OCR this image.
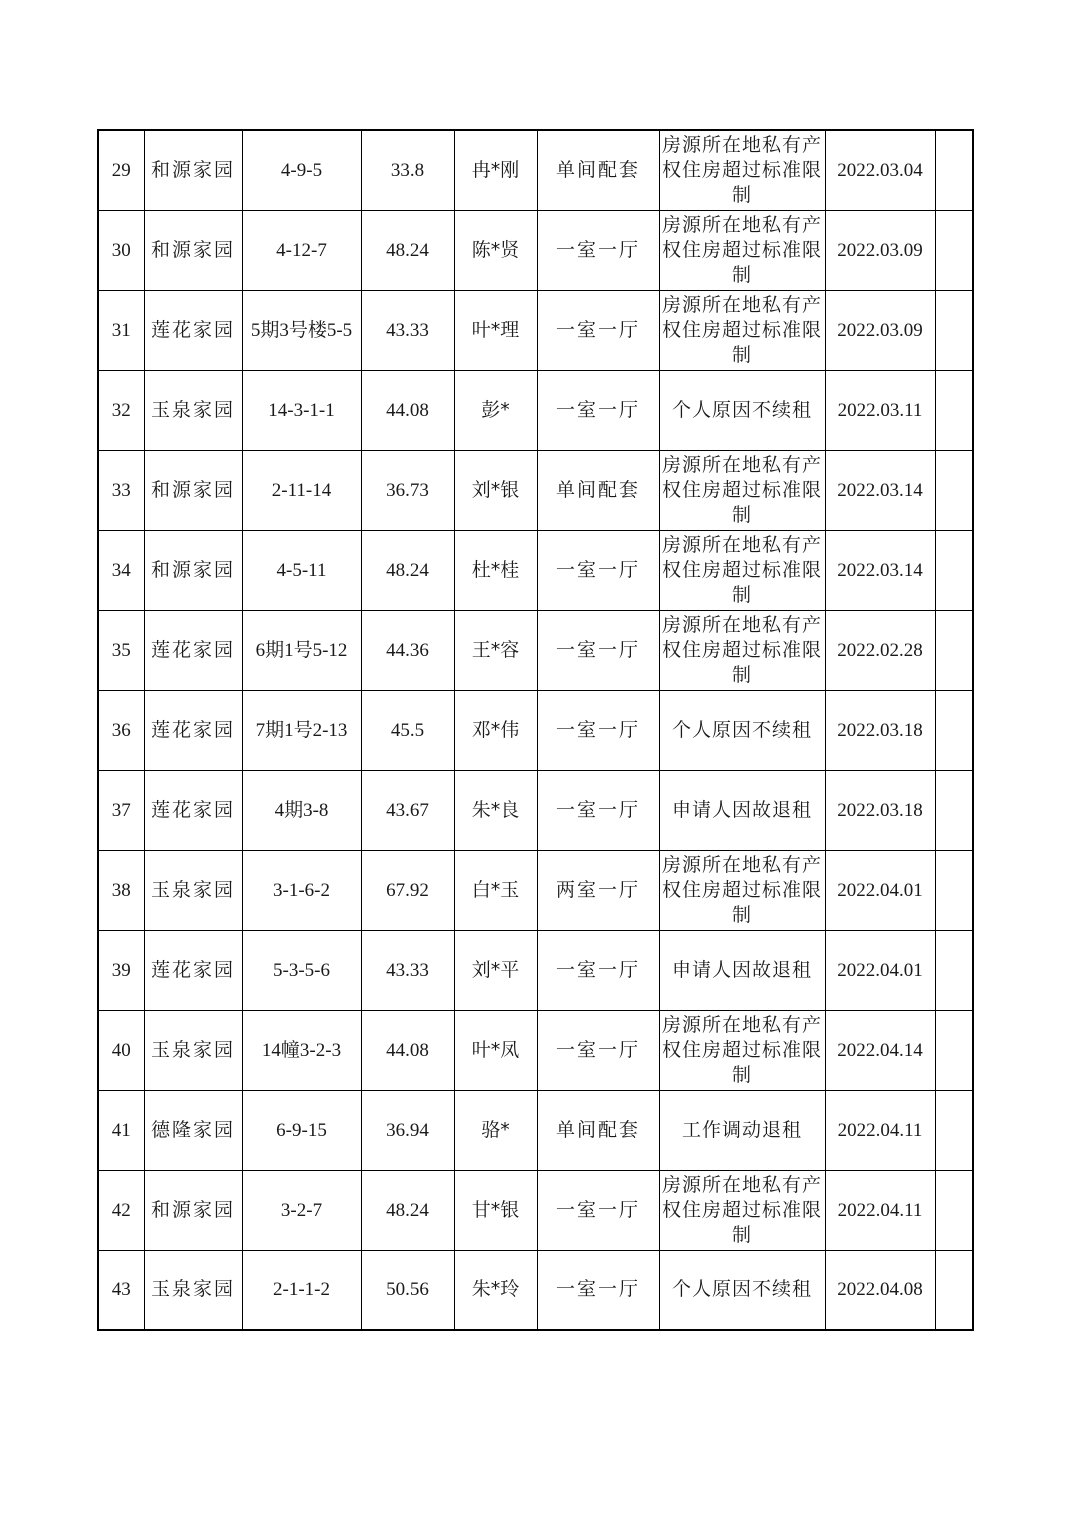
29	和源家园	4-9-5	33.8	冉*刚	单间配套	房源所在地私有产权住房超过标准限制	2022.03.04	
30	和源家园	4-12-7	48.24	陈*贤	一室一厅	房源所在地私有产权住房超过标准限制	2022.03.09	
31	莲花家园	5期3号楼5-5	43.33	叶*理	一室一厅	房源所在地私有产权住房超过标准限制	2022.03.09	
32	玉泉家园	14-3-1-1	44.08	彭*	一室一厅	个人原因不续租	2022.03.11	
33	和源家园	2-11-14	36.73	刘*银	单间配套	房源所在地私有产权住房超过标准限制	2022.03.14	
34	和源家园	4-5-11	48.24	杜*桂	一室一厅	房源所在地私有产权住房超过标准限制	2022.03.14	
35	莲花家园	6期1号5-12	44.36	王*容	一室一厅	房源所在地私有产权住房超过标准限制	2022.02.28	
36	莲花家园	7期1号2-13	45.5	邓*伟	一室一厅	个人原因不续租	2022.03.18	
37	莲花家园	4期3-8	43.67	朱*良	一室一厅	申请人因故退租	2022.03.18	
38	玉泉家园	3-1-6-2	67.92	白*玉	两室一厅	房源所在地私有产权住房超过标准限制	2022.04.01	
39	莲花家园	5-3-5-6	43.33	刘*平	一室一厅	申请人因故退租	2022.04.01	
40	玉泉家园	14幢3-2-3	44.08	叶*凤	一室一厅	房源所在地私有产权住房超过标准限制	2022.04.14	
41	德隆家园	6-9-15	36.94	骆*	单间配套	工作调动退租	2022.04.11	
42	和源家园	3-2-7	48.24	甘*银	一室一厅	房源所在地私有产权住房超过标准限制	2022.04.11	
43	玉泉家园	2-1-1-2	50.56	朱*玲	一室一厅	个人原因不续租	2022.04.08	
